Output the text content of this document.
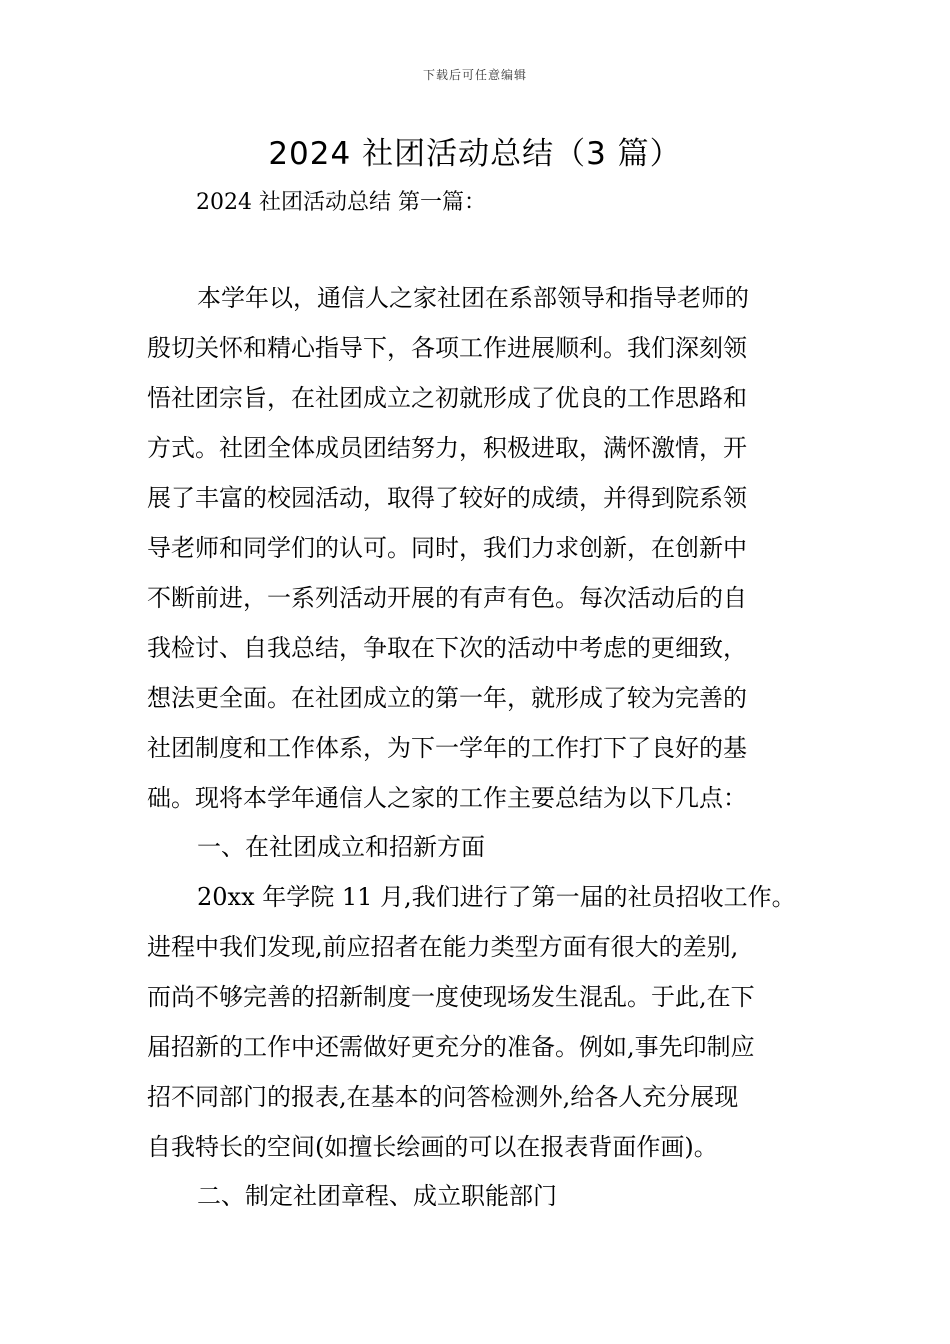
下载后可任意编辑
2024 社团活动总结（3 篇）
2024 社团活动总结 第一篇：
本学年以，通信人之家社团在系部领导和指导老师的
殷切关怀和精心指导下，各项工作进展顺利。我们深刻领
悟社团宗旨，在社团成立之初就形成了优良的工作思路和
方式。社团全体成员团结努力，积极进取，满怀激情，开
展了丰富的校园活动，取得了较好的成绩，并得到院系领
导老师和同学们的认可。同时，我们力求创新，在创新中
不断前进，一系列活动开展的有声有色。每次活动后的自
我检讨、自我总结，争取在下次的活动中考虑的更细致，
想法更全面。在社团成立的第一年，就形成了较为完善的
社团制度和工作体系，为下一学年的工作打下了良好的基
础。现将本学年通信人之家的工作主要总结为以下几点：
一、在社团成立和招新方面
20xx 年学院 11 月,我们进行了第一届的社员招收工作。
进程中我们发现,前应招者在能力类型方面有很大的差别,
而尚不够完善的招新制度一度使现场发生混乱。于此,在下
届招新的工作中还需做好更充分的准备。例如,事先印制应
招不同部门的报表,在基本的问答检测外,给各人充分展现
自我特长的空间(如擅长绘画的可以在报表背面作画)。
二、制定社团章程、成立职能部门
